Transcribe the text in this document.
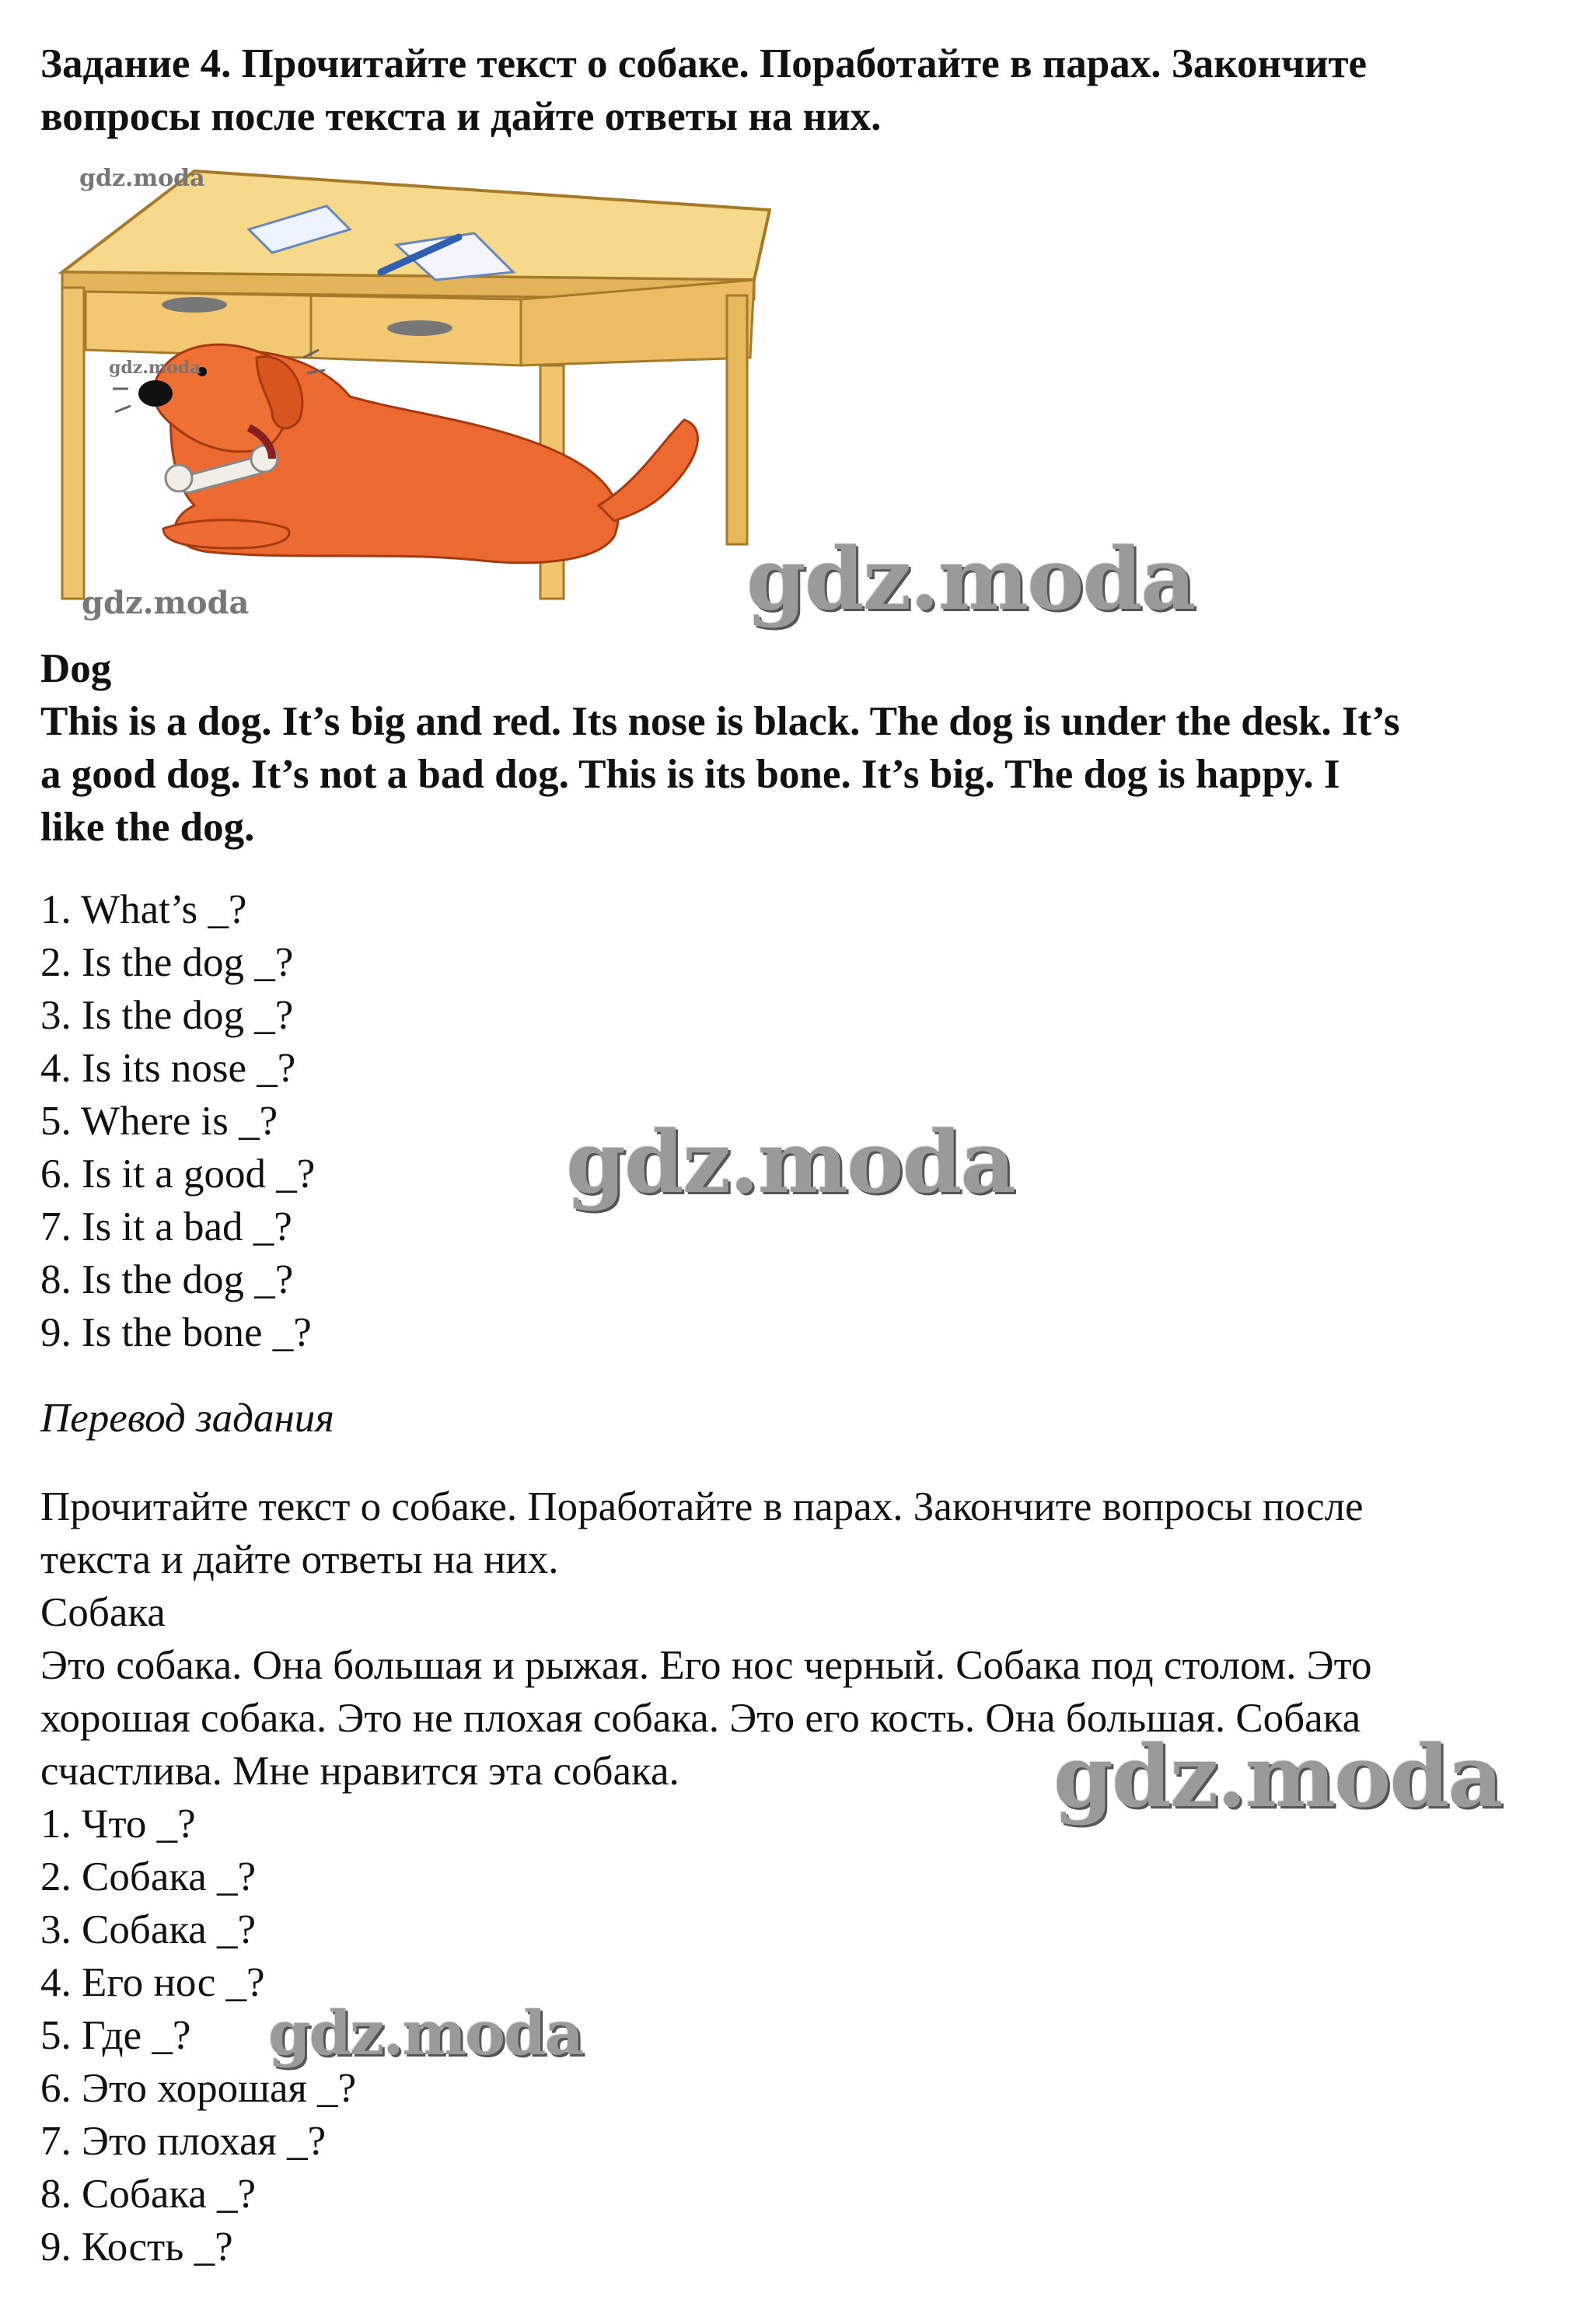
Задание 4. Прочитайте текст о собаке. Поработайте в парах. Закончите
вопросы после текста и дайте ответы на них.
gdz.moda
gdz.moda
gdz.moda	gdz.moda
gdz.moda
gdz.moda
gdz.moda
Dog
This is a dog. It’s big and red. Its nose is black. The dog is under the desk. It’s
a good dog. It’s not a bad dog. This is its bone. It’s big. The dog is happy. I
like the dog.
1. What’s _?
2. Is the dog _?
3. Is the dog _?
4. Is its nose _?
5. Where is _?
6. Is it a good _?
7. Is it a bad _?
8. Is the dog _?
9. Is the bone _?
Перевод задания
Прочитайте текст о собаке. Поработайте в парах. Закончите вопросы после
текста и дайте ответы на них.
Собака
Это собака. Она большая и рыжая. Его нос черный. Собака под столом. Это
хорошая собака. Это не плохая собака. Это его кость. Она большая. Собака
счастлива. Мне нравится эта собака.
1. Что _?
2. Собака _?
3. Собака _?
4. Его нос _?
5. Где _?
6. Это хорошая _?
7. Это плохая _?
8. Собака _?
9. Кость _?
